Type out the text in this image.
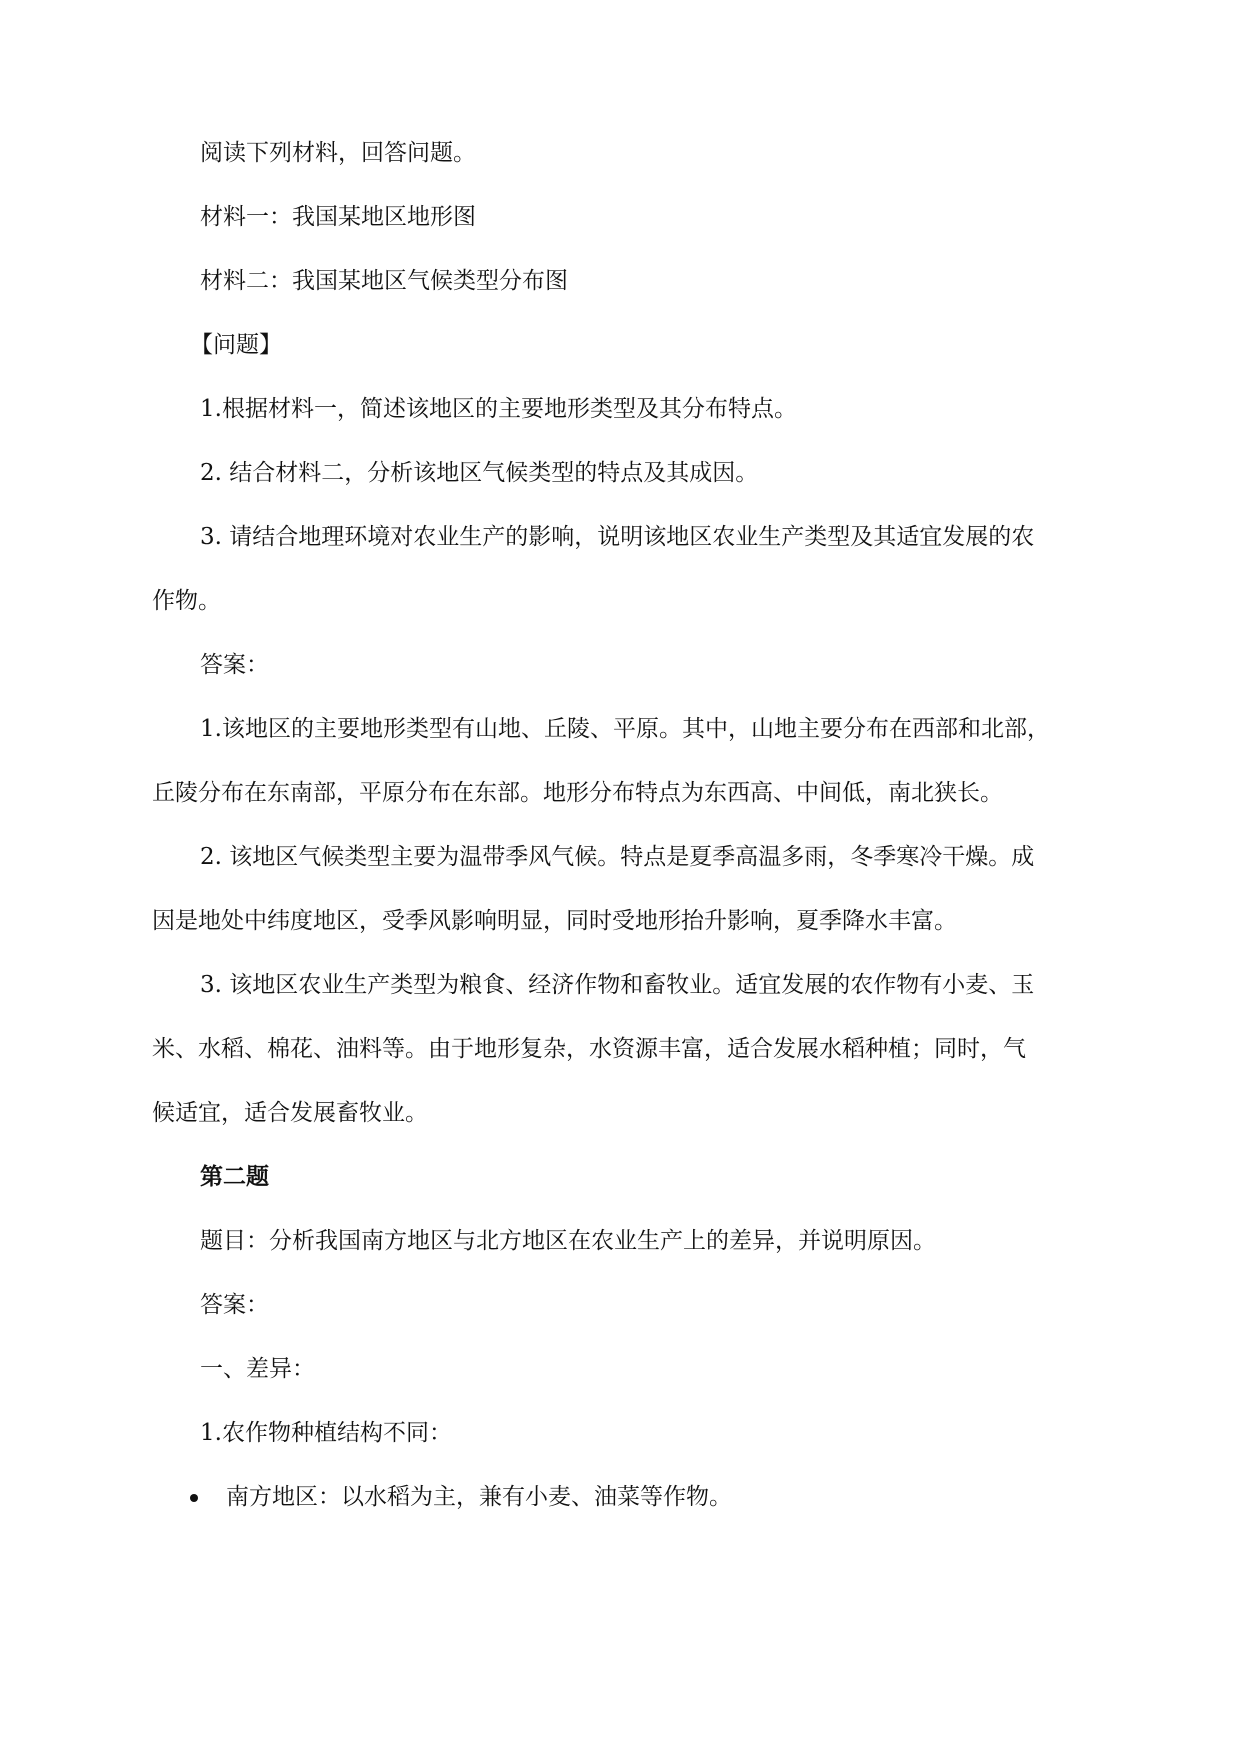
阅读下列材料，回答问题。

材料一：我国某地区地形图

材料二：我国某地区气候类型分布图

【问题】

1.根据材料一，简述该地区的主要地形类型及其分布特点。

2. 结合材料二，分析该地区气候类型的特点及其成因。

3. 请结合地理环境对农业生产的影响，说明该地区农业生产类型及其适宜发展的农

作物。

答案：

1.该地区的主要地形类型有山地、丘陵、平原。其中，山地主要分布在西部和北部，

丘陵分布在东南部，平原分布在东部。地形分布特点为东西高、中间低，南北狭长。

2. 该地区气候类型主要为温带季风气候。特点是夏季高温多雨，冬季寒冷干燥。成

因是地处中纬度地区，受季风影响明显，同时受地形抬升影响，夏季降水丰富。

3. 该地区农业生产类型为粮食、经济作物和畜牧业。适宜发展的农作物有小麦、玉

米、水稻、棉花、油料等。由于地形复杂，水资源丰富，适合发展水稻种植；同时，气

候适宜，适合发展畜牧业。

第二题

题目：分析我国南方地区与北方地区在农业生产上的差异，并说明原因。

答案：

一、差异：

1.农作物种植结构不同：

南方地区：以水稻为主，兼有小麦、油菜等作物。
